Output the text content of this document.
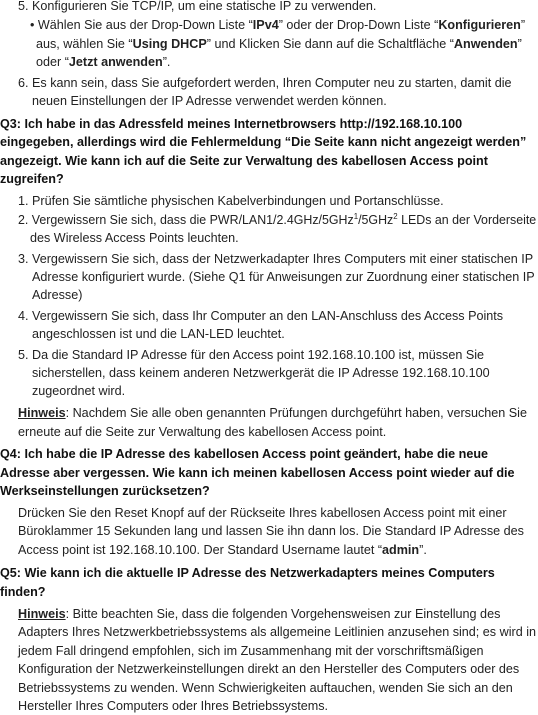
5. Konfigurieren Sie TCP/IP, um eine statische IP zu verwenden.
• Wählen Sie aus der Drop-Down Liste “IPv4” oder der Drop-Down Liste “Konfigurieren”
aus, wählen Sie “Using DHCP” und Klicken Sie dann auf die Schaltfläche “Anwenden”
oder “Jetzt anwenden”.
6. Es kann sein, dass Sie aufgefordert werden, Ihren Computer neu zu starten, damit die
neuen Einstellungen der IP Adresse verwendet werden können.
Q3: Ich habe in das Adressfeld meines Internetbrowsers http://192.168.10.100
eingegeben, allerdings wird die Fehlermeldung “Die Seite kann nicht angezeigt werden”
angezeigt. Wie kann ich auf die Seite zur Verwaltung des kabellosen Access point
zugreifen?
1. Prüfen Sie sämtliche physischen Kabelverbindungen und Portanschlüsse.
2. Vergewissern Sie sich, dass die PWR/LAN1/2.4GHz/5GHz$^1$/5GHz$^2$ LEDs an der Vorderseite
des Wireless Access Points leuchten.
3. Vergewissern Sie sich, dass der Netzwerkadapter Ihres Computers mit einer statischen IP
Adresse konfiguriert wurde. (Siehe Q1 für Anweisungen zur Zuordnung einer statischen IP
Adresse)
4. Vergewissern Sie sich, dass Ihr Computer an den LAN-Anschluss des Access Points
angeschlossen ist und die LAN-LED leuchtet.
5. Da die Standard IP Adresse für den Access point 192.168.10.100 ist, müssen Sie
sicherstellen, dass keinem anderen Netzwerkgerät die IP Adresse 192.168.10.100
zugeordnet wird.
Hinweis: Nachdem Sie alle oben genannten Prüfungen durchgeführt haben, versuchen Sie
erneute auf die Seite zur Verwaltung des kabellosen Access point.
Q4: Ich habe die IP Adresse des kabellosen Access point geändert, habe die neue
Adresse aber vergessen. Wie kann ich meinen kabellosen Access point wieder auf die
Werkseinstellungen zurücksetzen?
Drücken Sie den Reset Knopf auf der Rückseite Ihres kabellosen Access point mit einer
Büroklammer 15 Sekunden lang und lassen Sie ihn dann los. Die Standard IP Adresse des
Access point ist 192.168.10.100. Der Standard Username lautet “admin”.
Q5: Wie kann ich die aktuelle IP Adresse des Netzwerkadapters meines Computers
finden?
Hinweis: Bitte beachten Sie, dass die folgenden Vorgehensweisen zur Einstellung des
Adapters Ihres Netzwerkbetriebssystems als allgemeine Leitlinien anzusehen sind; es wird in
jedem Fall dringend empfohlen, sich im Zusammenhang mit der vorschriftsmäßigen
Konfiguration der Netzwerkeinstellungen direkt an den Hersteller des Computers oder des
Betriebssystems zu wenden. Wenn Schwierigkeiten auftauchen, wenden Sie sich an den
Hersteller Ihres Computers oder Ihres Betriebssystems.
